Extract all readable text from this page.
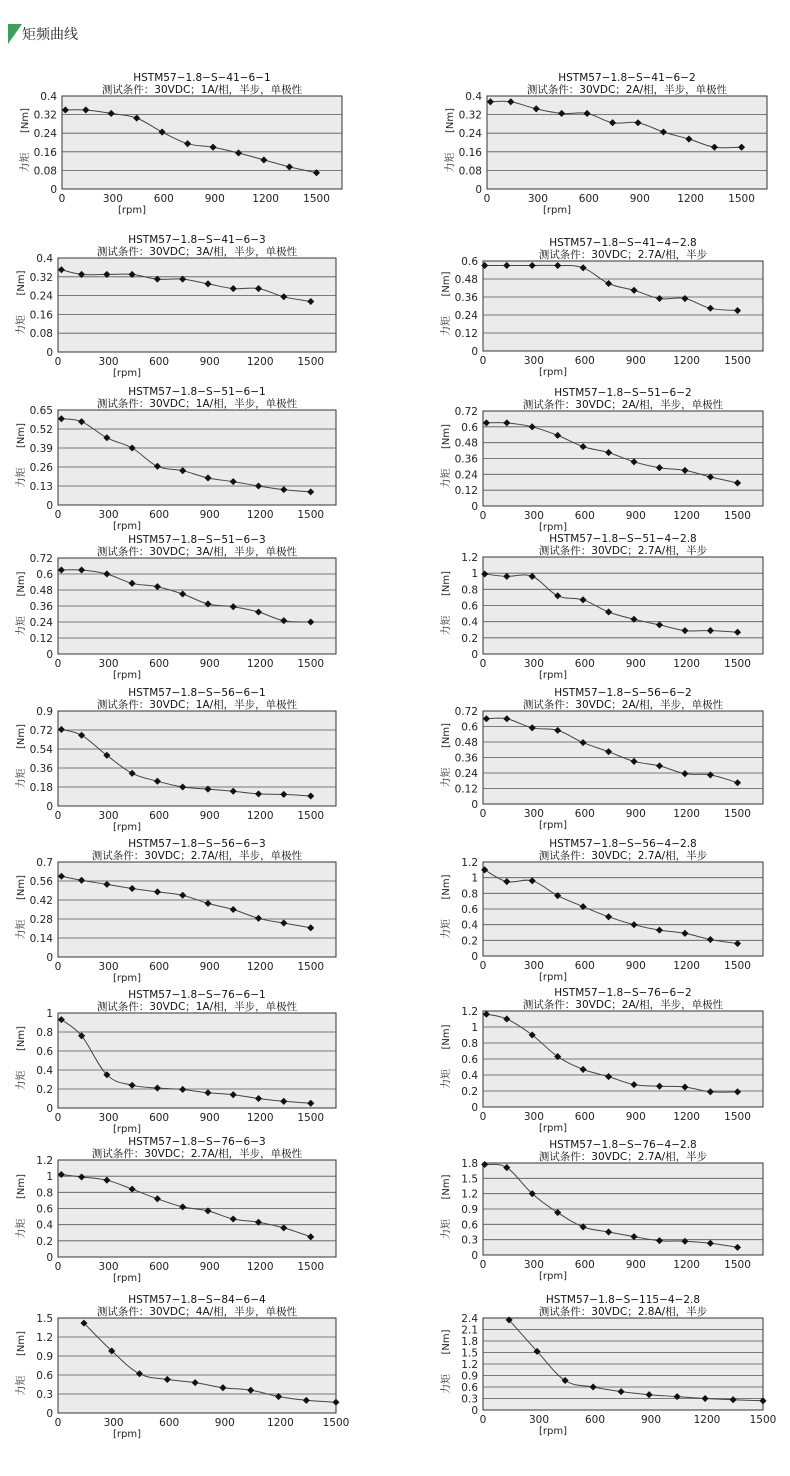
矩频曲线
HSTM57−1.8−S−41−6−1
测试条件：30VDC；1A/相，半步，单极性
0
0.08
0.16
0.24
0.32
0.4
0	300	600	900	1200 1500
[rpm]
[Nm]
力矩
HSTM57−1.8−S−41−6−2
测试条件：30VDC；2A/相，半步，单极性
0
0.08
0.16
0.24
0.32
0.4
0	300	600	900	1200 1500
[rpm]
[Nm]
力矩
HSTM57−1.8−S−41−6−3
测试条件：30VDC；3A/相，半步，单极性
0
0.08
0.16
0.24
0.32
0.4
0	300	600	900	1200 1500
[rpm]
[Nm]
力矩
HSTM57−1.8−S−41−4−2.8
测试条件：30VDC；2.7A/相，半步
0
0.12
0.24
0.36
0.48
0.6
0	300	600	900	1200 1500
[rpm]
[Nm]
力矩
HSTM57−1.8−S−51−6−1
测试条件：30VDC；1A/相，半步，单极性
0
0.13
0.26
0.39
0.52
0.65
0	300	600	900	1200 1500
[rpm]
[Nm]
力矩
HSTM57−1.8−S−51−6−2
测试条件：30VDC；2A/相，半步，单极性
0
0.12
0.24
0.36
0.48
0.6
0.72
0	300	600	900	1200 1500
[rpm]
[Nm]
力矩
HSTM57−1.8−S−51−6−3
测试条件：30VDC；3A/相，半步，单极性
0
0.12
0.24
0.36
0.48
0.6
0.72
0	300	600	900	1200 1500
[rpm]
[Nm]
力矩
HSTM57−1.8−S−51−4−2.8
测试条件：30VDC；2.7A/相，半步
0
0.2
0.4
0.6
0.8
1
1.2
0	300	600	900	1200 1500
[rpm]
[Nm]
力矩
HSTM57−1.8−S−56−6−1
测试条件：30VDC；1A/相，半步，单极性
0
0.18
0.36
0.54
0.72
0.9
0	300	600	900	1200 1500
[rpm]
[Nm]
力矩
HSTM57−1.8−S−56−6−2
测试条件：30VDC；2A/相，半步，单极性
0
0.12
0.24
0.36
0.48
0.6
0.72
0	300	600	900	1200 1500
[rpm]
[Nm]
力矩
HSTM57−1.8−S−56−6−3
测试条件：30VDC；2.7A/相，半步，单极性
0
0.14
0.28
0.42
0.56
0.7
0	300	600	900	1200 1500
[rpm]
[Nm]
力矩
HSTM57−1.8−S−56−4−2.8
测试条件：30VDC；2.7A/相，半步
0
0.2
0.4
0.6
0.8
1
1.2
0	300	600	900	1200 1500
[rpm]
[Nm]
力矩
HSTM57−1.8−S−76−6−1
测试条件：30VDC；1A/相，半步，单极性
0
0.2
0.4
0.6
0.8
1
0	300	600	900	1200 1500
[rpm]
[Nm]
力矩
HSTM57−1.8−S−76−6−2
测试条件：30VDC；2A/相，半步，单极性
0
0.2
0.4
0.6
0.8
1
1.2
0	300	600	900	1200 1500
[rpm]
[Nm]
力矩
HSTM57−1.8−S−76−6−3
测试条件：30VDC；2.7A/相，半步，单极性
0
0.2
0.4
0.6
0.8
1
1.2
0	300	600	900	1200 1500
[rpm]
[Nm]
力矩
HSTM57−1.8−S−76−4−2.8
测试条件：30VDC；2.7A/相，半步
0
0.3
0.6
0.9
1.2
1.5
1.8
0	300	600	900	1200 1500
[rpm]
[Nm]
力矩
HSTM57−1.8−S−84−6−4
测试条件：30VDC；4A/相，半步，单极性
0
0.3
0.6
0.9
1.2
1.5
0	300	600	900	1200	1500
[rpm]
[Nm]
力矩
HSTM57−1.8−S−115−4−2.8
测试条件：30VDC；2.8A/相，半步
0
0.3
0.6
0.9
1.2
1.5
1.8
2.1
2.4
0	300	600	900	1200	1500
[rpm]
[Nm]
力矩
